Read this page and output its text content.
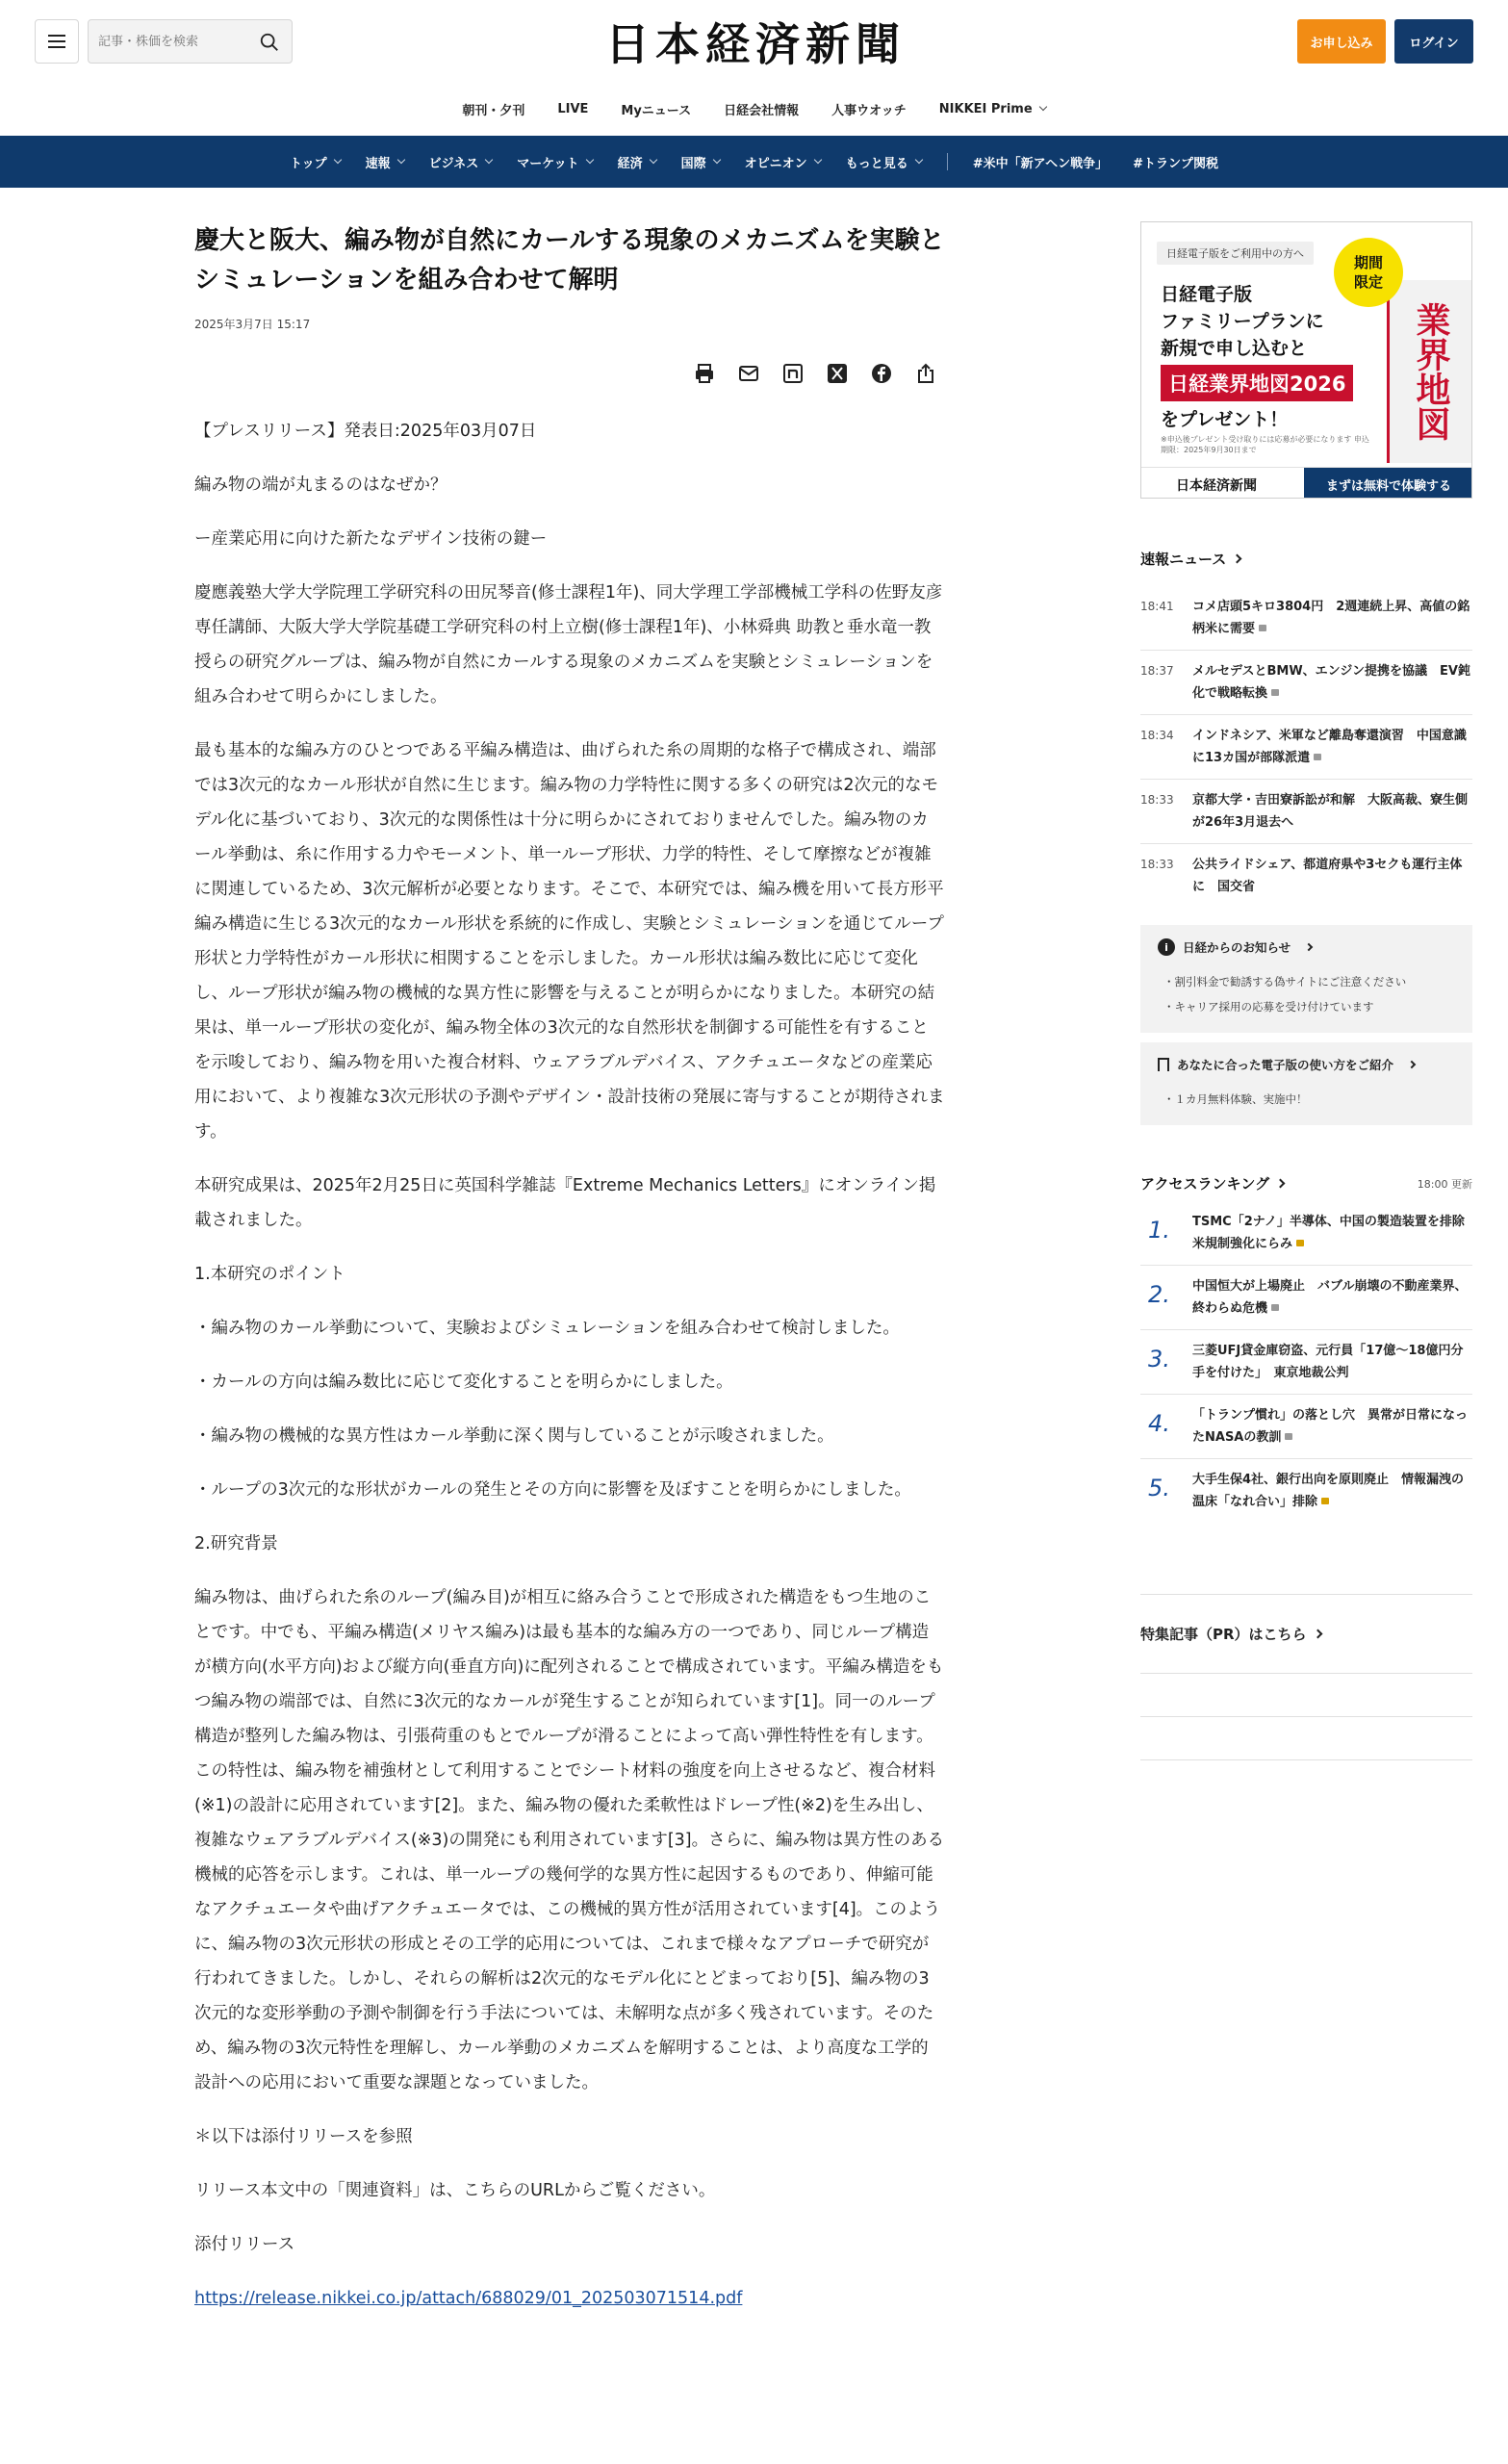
記事・株価を検索
日本経済新聞	お申し込み	ログイン
朝刊・夕刊	LIVE	Myニュース	日経会社情報	人事ウオッチ	NIKKEI Prime
トップ	速報	ビジネス	マーケット	経済	国際	オピニオン	もっと見る	#米中「新アヘン戦争」 #トランプ関税
慶大と阪大、編み物が自然にカールする現象のメカニズムを実験とシミュレーションを組み合わせて解明
2025年3月7日 15:17

【プレスリリース】発表日:2025年03月07日

編み物の端が丸まるのはなぜか？

ー産業応用に向けた新たなデザイン技術の鍵ー

慶應義塾大学大学院理工学研究科の田尻琴音(修士課程1年)、同大学理工学部機械工学科の佐野友彦 専任講師、大阪大学大学院基礎工学研究科の村上立樹(修士課程1年)、小林舜典 助教と垂水竜一教授らの研究グループは、編み物が自然にカールする現象のメカニズムを実験とシミュレーションを組み合わせて明らかにしました。

最も基本的な編み方のひとつである平編み構造は、曲げられた糸の周期的な格子で構成され、端部では3次元的なカール形状が自然に生じます。編み物の力学特性に関する多くの研究は2次元的なモデル化に基づいており、3次元的な関係性は十分に明らかにされておりませんでした。編み物のカール挙動は、糸に作用する力やモーメント、単一ループ形状、力学的特性、そして摩擦などが複雑に関連しているため、3次元解析が必要となります。そこで、本研究では、編み機を用いて長方形平編み構造に生じる3次元的なカール形状を系統的に作成し、実験とシミュレーションを通じてループ形状と力学特性がカール形状に相関することを示しました。カール形状は編み数比に応じて変化し、ループ形状が編み物の機械的な異方性に影響を与えることが明らかになりました。本研究の結果は、単一ループ形状の変化が、編み物全体の3次元的な自然形状を制御する可能性を有することを示唆しており、編み物を用いた複合材料、ウェアラブルデバイス、アクチュエータなどの産業応用において、より複雑な3次元形状の予測やデザイン・設計技術の発展に寄与することが期待されます。

本研究成果は、2025年2月25日に英国科学雑誌『Extreme Mechanics Letters』にオンライン掲載されました。

1.本研究のポイント

・編み物のカール挙動について、実験およびシミュレーションを組み合わせて検討しました。

・カールの方向は編み数比に応じて変化することを明らかにしました。

・編み物の機械的な異方性はカール挙動に深く関与していることが示唆されました。

・ループの3次元的な形状がカールの発生とその方向に影響を及ぼすことを明らかにしました。

2.研究背景

編み物は、曲げられた糸のループ(編み目)が相互に絡み合うことで形成された構造をもつ生地のことです。中でも、平編み構造(メリヤス編み)は最も基本的な編み方の一つであり、同じループ構造が横方向(水平方向)および縦方向(垂直方向)に配列されることで構成されています。平編み構造をもつ編み物の端部では、自然に3次元的なカールが発生することが知られています[1]。同一のループ構造が整列した編み物は、引張荷重のもとでループが滑ることによって高い弾性特性を有します。この特性は、編み物を補強材として利用することでシート材料の強度を向上させるなど、複合材料(※1)の設計に応用されています[2]。また、編み物の優れた柔軟性はドレープ性(※2)を生み出し、複雑なウェアラブルデバイス(※3)の開発にも利用されています[3]。さらに、編み物は異方性のある機械的応答を示します。これは、単一ループの幾何学的な異方性に起因するものであり、伸縮可能なアクチュエータや曲げアクチュエータでは、この機械的異方性が活用されています[4]。このように、編み物の3次元形状の形成とその工学的応用については、これまで様々なアプローチで研究が行われてきました。しかし、それらの解析は2次元的なモデル化にとどまっており[5]、編み物の3次元的な変形挙動の予測や制御を行う手法については、未解明な点が多く残されています。そのため、編み物の3次元特性を理解し、カール挙動のメカニズムを解明することは、より高度な工学的設計への応用において重要な課題となっていました。

＊以下は添付リリースを参照

リリース本文中の「関連資料」は、こちらのURLからご覧ください。

添付リリース

https://release.nikkei.co.jp/attach/688029/01_202503071514.pdf

日経電子版をご利用中の方へ
日経電子版
ファミリープランに
新規で申し込むと
日経業界地図2026
をプレゼント！	業界地図
期間
限定
※申込後プレゼント受け取りには応募が必要になります 申込期限：2025年9月30日まで
日本経済新聞	まずは無料で体験する
速報ニュース
18:41	コメ店頭5キロ3804円　2週連続上昇、高値の銘柄米に需要
18:37	メルセデスとBMW、エンジン提携を協議　EV鈍化で戦略転換
18:34	インドネシア、米軍など離島奪還演習　中国意識に13カ国が部隊派遣
18:33	京都大学・吉田寮訴訟が和解　大阪高裁、寮生側が26年3月退去へ
18:33	公共ライドシェア、都道府県や3セクも運行主体に　国交省
i	日経からのお知らせ
・ 割引料金で勧誘する偽サイトにご注意ください
・ キャリア採用の応募を受け付けています
あなたに合った電子版の使い方をご紹介
・ １カ月無料体験、実施中！
アクセスランキング	18:00 更新
1.	TSMC「2ナノ」半導体、中国の製造装置を排除　米規制強化にらみ
2.	中国恒大が上場廃止　バブル崩壊の不動産業界、終わらぬ危機
3.	三菱UFJ貸金庫窃盗、元行員「17億〜18億円分手を付けた」　東京地裁公判
4.	「トランプ慣れ」の落とし穴　異常が日常になったNASAの教訓
5.	大手生保4社、銀行出向を原則廃止　情報漏洩の温床「なれ合い」排除
特集記事（PR）はこちら
